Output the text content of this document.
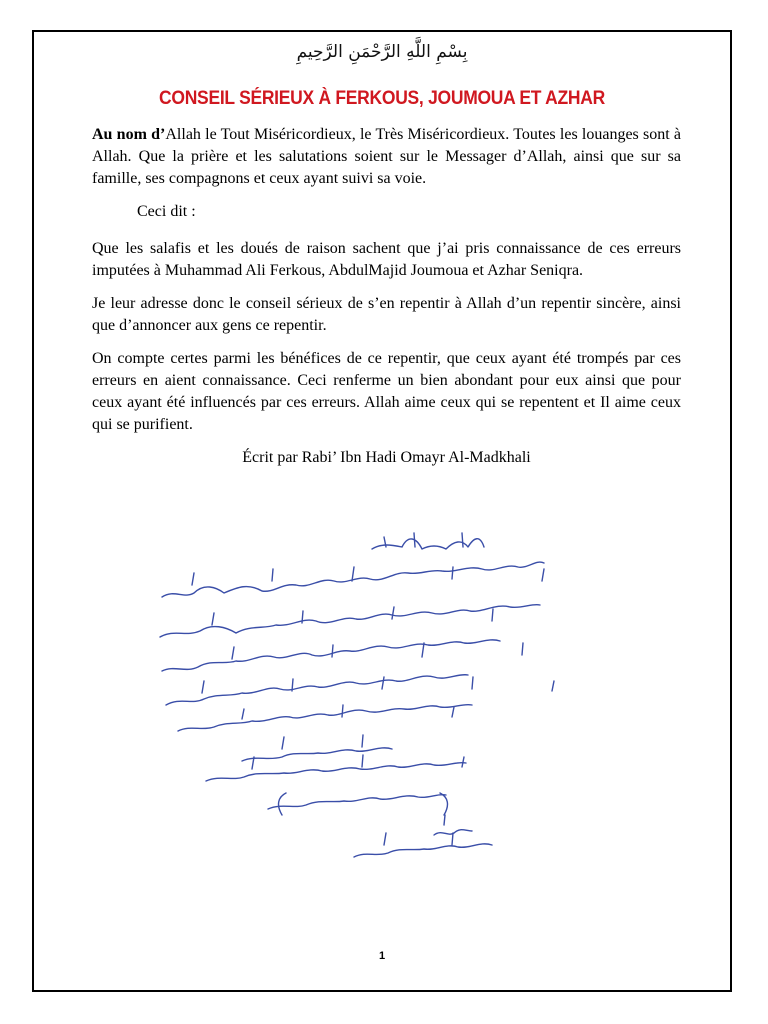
بِسْمِ اللَّهِ الرَّحْمَنِ الرَّحِيمِ
CONSEIL SÉRIEUX À FERKOUS, JOUMOUA ET AZHAR

Au nom d’Allah le Tout Miséricordieux, le Très Miséricordieux. Toutes les louanges sont à Allah. Que la prière et les salutations soient sur le Messager d’Allah, ainsi que sur sa famille, ses compagnons et ceux ayant suivi sa voie.

Ceci dit :

Que les salafis et les doués de raison sachent que j’ai pris connaissance de ces erreurs imputées à Muhammad Ali Ferkous, AbdulMajid Joumoua et Azhar Seniqra.

Je leur adresse donc le conseil sérieux de s’en repentir à Allah d’un repentir sincère, ainsi que d’annoncer aux gens ce repentir.

On compte certes parmi les bénéfices de ce repentir, que ceux ayant été trompés par ces erreurs en aient connaissance. Ceci renferme un bien abondant pour eux ainsi que pour ceux ayant été influencés par ces erreurs. Allah aime ceux qui se repentent et Il aime ceux qui se purifient.

Écrit par Rabi’ Ibn Hadi Omayr Al-Madkhali

1
